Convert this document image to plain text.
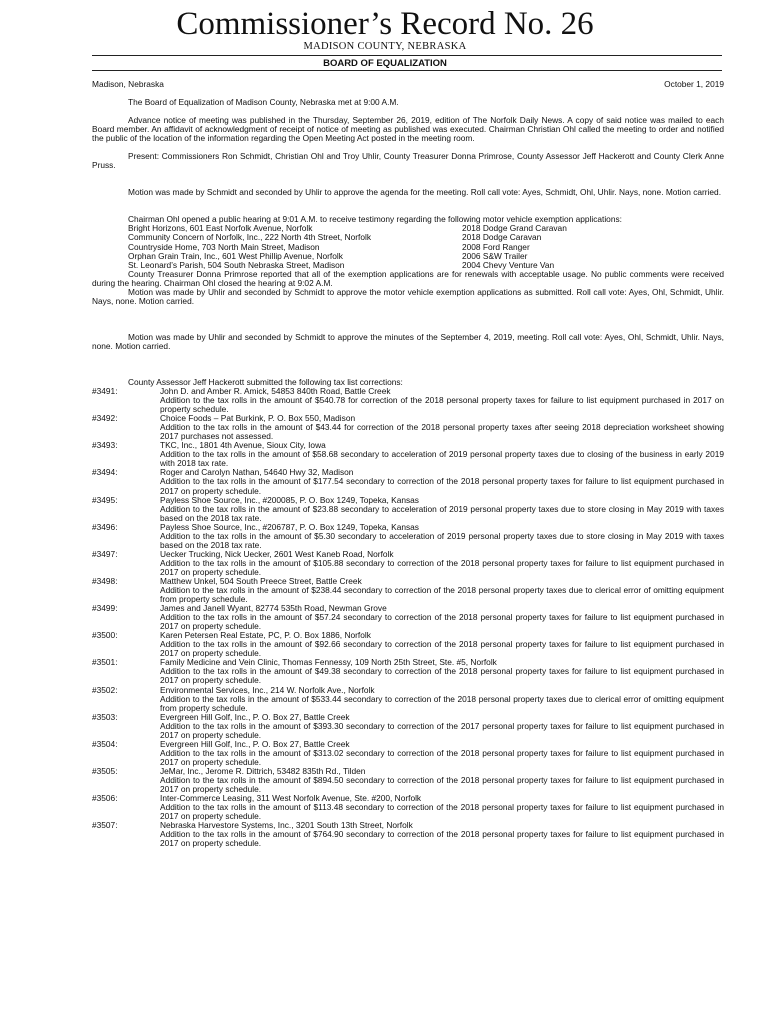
Commissioner’s Record No. 26
MADISON COUNTY, NEBRASKA
BOARD OF EQUALIZATION
Madison, Nebraska	October 1, 2019

The Board of Equalization of Madison County, Nebraska met at 9:00 A.M.

Advance notice of meeting was published in the Thursday, September 26, 2019, edition of The Norfolk Daily News. A copy of said notice was mailed to each Board member. An affidavit of acknowledgment of receipt of notice of meeting as published was executed. Chairman Christian Ohl called the meeting to order and notified the public of the location of the information regarding the Open Meeting Act posted in the meeting room.

Present: Commissioners Ron Schmidt, Christian Ohl and Troy Uhlir, County Treasurer Donna Primrose, County Assessor Jeff Hackerott and County Clerk Anne Pruss.

Motion was made by Schmidt and seconded by Uhlir to approve the agenda for the meeting. Roll call vote: Ayes, Schmidt, Ohl, Uhlir. Nays, none. Motion carried.

Chairman Ohl opened a public hearing at 9:01 A.M. to receive testimony regarding the following motor vehicle exemption applications:

Bright Horizons, 601 East Norfolk Avenue, Norfolk	2018 Dodge Grand Caravan
Community Concern of Norfolk, Inc., 222 North 4th Street, Norfolk	2018 Dodge Caravan
Countryside Home, 703 North Main Street, Madison	2008 Ford Ranger
Orphan Grain Train, Inc., 601 West Phillip Avenue, Norfolk	2006 S&W Trailer
St. Leonard’s Parish, 504 South Nebraska Street, Madison	2004 Chevy Venture Van

County Treasurer Donna Primrose reported that all of the exemption applications are for renewals with acceptable usage. No public comments were received during the hearing. Chairman Ohl closed the hearing at 9:02 A.M.

Motion was made by Uhlir and seconded by Schmidt to approve the motor vehicle exemption applications as submitted. Roll call vote: Ayes, Ohl, Schmidt, Uhlir. Nays, none. Motion carried.

Motion was made by Uhlir and seconded by Schmidt to approve the minutes of the September 4, 2019, meeting. Roll call vote: Ayes, Ohl, Schmidt, Uhlir. Nays, none. Motion carried.

County Assessor Jeff Hackerott submitted the following tax list corrections:

#3491:	John D. and Amber R. Amick, 54853 840th Road, Battle Creek
Addition to the tax rolls in the amount of $540.78 for correction of the 2018 personal property taxes for failure to list equipment purchased in 2017 on property schedule.
#3492:	Choice Foods – Pat Burkink, P. O. Box 550, Madison
Addition to the tax rolls in the amount of $43.44 for correction of the 2018 personal property taxes after seeing 2018 depreciation worksheet showing 2017 purchases not assessed.
#3493:	TKC, Inc., 1801 4th Avenue, Sioux City, Iowa
Addition to the tax rolls in the amount of $58.68 secondary to acceleration of 2019 personal property taxes due to closing of the business in early 2019 with 2018 tax rate.
#3494:	Roger and Carolyn Nathan, 54640 Hwy 32, Madison
Addition to the tax rolls in the amount of $177.54 secondary to correction of the 2018 personal property taxes for failure to list equipment purchased in 2017 on property schedule.
#3495:	Payless Shoe Source, Inc., #200085, P. O. Box 1249, Topeka, Kansas
Addition to the tax rolls in the amount of $23.88 secondary to acceleration of 2019 personal property taxes due to store closing in May 2019 with taxes based on the 2018 tax rate.
#3496:	Payless Shoe Source, Inc., #206787, P. O. Box 1249, Topeka, Kansas
Addition to the tax rolls in the amount of $5.30 secondary to acceleration of 2019 personal property taxes due to store closing in May 2019 with taxes based on the 2018 tax rate.
#3497:	Uecker Trucking, Nick Uecker, 2601 West Kaneb Road, Norfolk
Addition to the tax rolls in the amount of $105.88 secondary to correction of the 2018 personal property taxes for failure to list equipment purchased in 2017 on property schedule.
#3498:	Matthew Unkel, 504 South Preece Street, Battle Creek
Addition to the tax rolls in the amount of $238.44 secondary to correction of the 2018 personal property taxes due to clerical error of omitting equipment from property schedule.
#3499:	James and Janell Wyant, 82774 535th Road, Newman Grove
Addition to the tax rolls in the amount of $57.24 secondary to correction of the 2018 personal property taxes for failure to list equipment purchased in 2017 on property schedule.
#3500:	Karen Petersen Real Estate, PC, P. O. Box 1886, Norfolk
Addition to the tax rolls in the amount of $92.66 secondary to correction of the 2018 personal property taxes for failure to list equipment purchased in 2017 on property schedule.
#3501:	Family Medicine and Vein Clinic, Thomas Fennessy, 109 North 25th Street, Ste. #5, Norfolk
Addition to the tax rolls in the amount of $49.38 secondary to correction of the 2018 personal property taxes for failure to list equipment purchased in 2017 on property schedule.
#3502:	Environmental Services, Inc., 214 W. Norfolk Ave., Norfolk
Addition to the tax rolls in the amount of $533.44 secondary to correction of the 2018 personal property taxes due to clerical error of omitting equipment from property schedule.
#3503:	Evergreen Hill Golf, Inc., P. O. Box 27, Battle Creek
Addition to the tax rolls in the amount of $393.30 secondary to correction of the 2017 personal property taxes for failure to list equipment purchased in 2017 on property schedule.
#3504:	Evergreen Hill Golf, Inc., P. O. Box 27, Battle Creek
Addition to the tax rolls in the amount of $313.02 secondary to correction of the 2018 personal property taxes for failure to list equipment purchased in 2017 on property schedule.
#3505:	JeMar, Inc., Jerome R. Dittrich, 53482 835th Rd., Tilden
Addition to the tax rolls in the amount of $894.50 secondary to correction of the 2018 personal property taxes for failure to list equipment purchased in 2017 on property schedule.
#3506:	Inter-Commerce Leasing, 311 West Norfolk Avenue, Ste. #200, Norfolk
Addition to the tax rolls in the amount of $113.48 secondary to correction of the 2018 personal property taxes for failure to list equipment purchased in 2017 on property schedule.
#3507:	Nebraska Harvestore Systems, Inc., 3201 South 13th Street, Norfolk
Addition to the tax rolls in the amount of $764.90 secondary to correction of the 2018 personal property taxes for failure to list equipment purchased in 2017 on property schedule.
